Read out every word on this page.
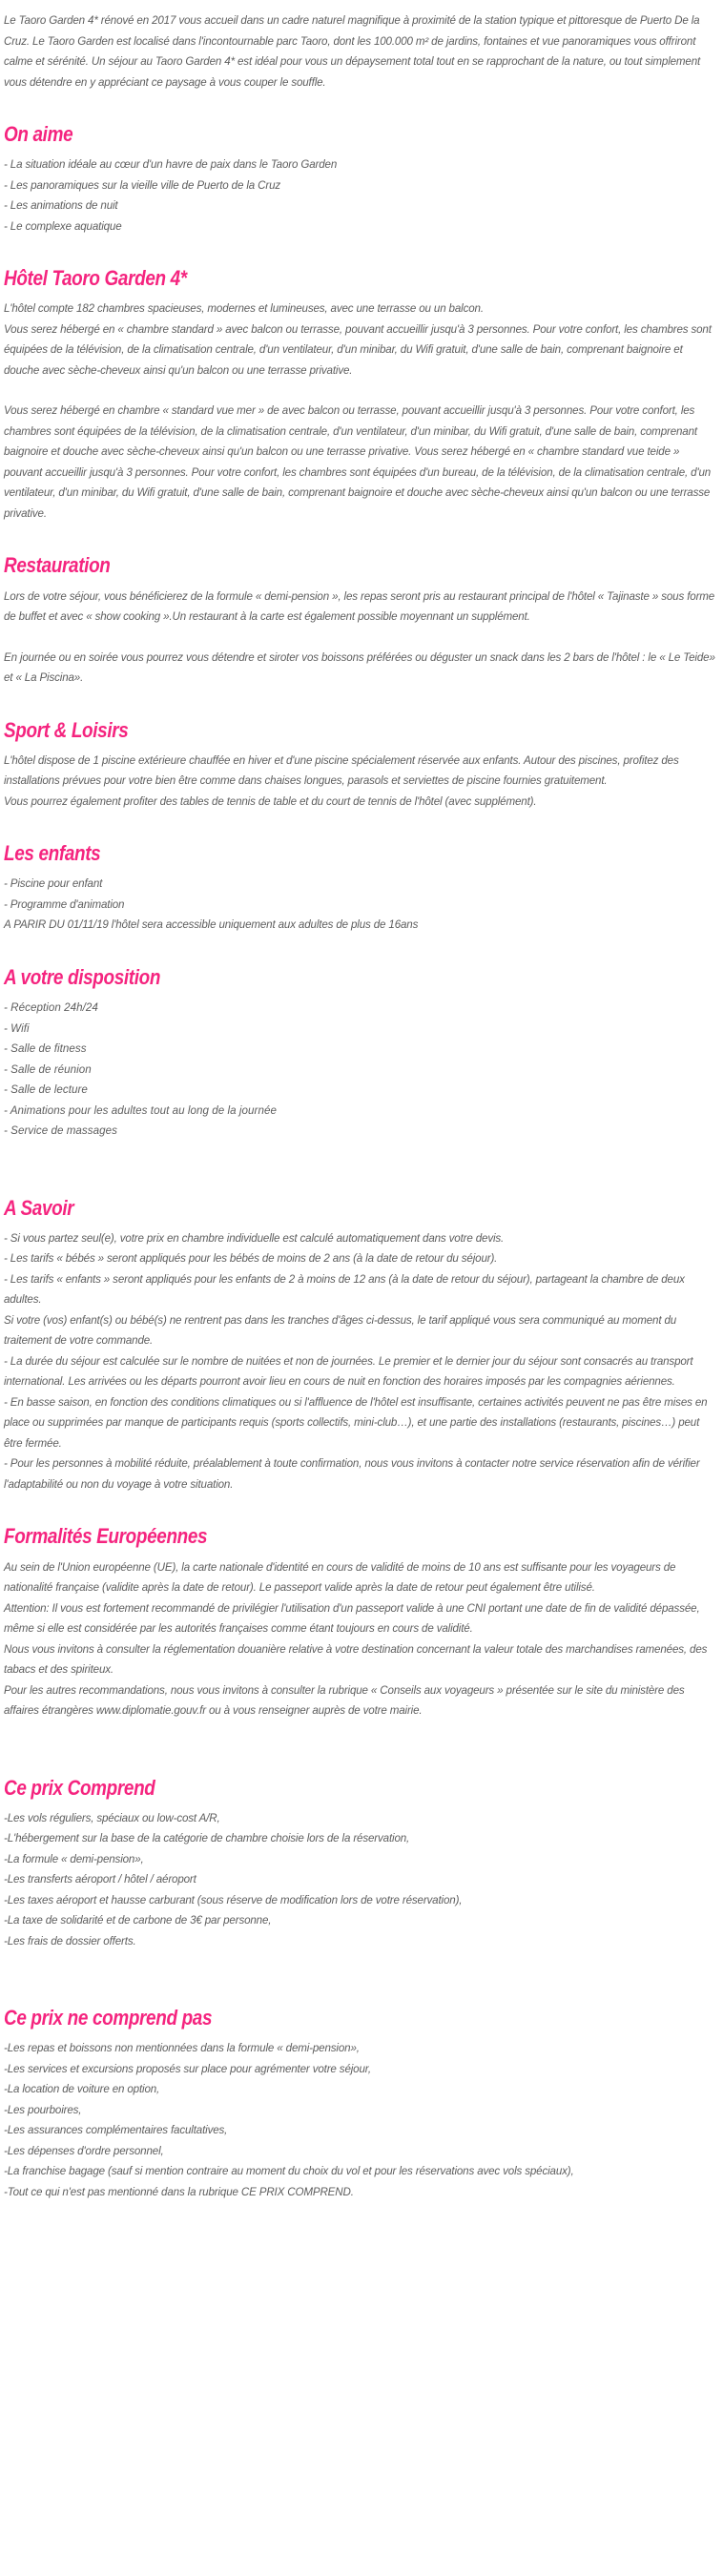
Le Taoro Garden 4* rénové en 2017 vous accueil dans un cadre naturel magnifique à proximité de la station typique et pittoresque de Puerto De la Cruz. Le Taoro Garden est localisé dans l'incontournable parc Taoro, dont les 100.000 m² de jardins, fontaines et vue panoramiques vous offriront calme et sérénité. Un séjour au Taoro Garden 4* est idéal pour vous un dépaysement total tout en se rapprochant de la nature, ou tout simplement vous détendre en y appréciant ce paysage à vous couper le souffle.

On aime
- La situation idéale au cœur d'un havre de paix dans le Taoro Garden
- Les panoramiques sur la vieille ville de Puerto de la Cruz
- Les animations de nuit
- Le complexe aquatique
Hôtel Taoro Garden 4*

L'hôtel compte 182 chambres spacieuses, modernes et lumineuses, avec une terrasse ou un balcon.

Vous serez hébergé en « chambre standard » avec balcon ou terrasse, pouvant accueillir jusqu'à 3 personnes. Pour votre confort, les chambres sont équipées de la télévision, de la climatisation centrale, d'un ventilateur, d'un minibar, du Wifi gratuit, d'une salle de bain, comprenant baignoire et douche avec sèche-cheveux ainsi qu'un balcon ou une terrasse privative.

Vous serez hébergé en chambre « standard vue mer » de avec balcon ou terrasse, pouvant accueillir jusqu'à 3 personnes. Pour votre confort, les chambres sont équipées de la télévision, de la climatisation centrale, d'un ventilateur, d'un minibar, du Wifi gratuit, d'une salle de bain, comprenant baignoire et douche avec sèche-cheveux ainsi qu'un balcon ou une terrasse privative. Vous serez hébergé en « chambre standard vue teide » pouvant accueillir jusqu'à 3 personnes. Pour votre confort, les chambres sont équipées d'un bureau, de la télévision, de la climatisation centrale, d'un ventilateur, d'un minibar, du Wifi gratuit, d'une salle de bain, comprenant baignoire et douche avec sèche-cheveux ainsi qu'un balcon ou une terrasse privative.

Restauration

Lors de votre séjour, vous bénéficierez de la formule « demi-pension », les repas seront pris au restaurant principal de l'hôtel « Tajinaste » sous forme de buffet et avec « show cooking ».Un restaurant à la carte est également possible moyennant un supplément.

En journée ou en soirée vous pourrez vous détendre et siroter vos boissons préférées ou déguster un snack dans les 2 bars de l'hôtel : le « Le Teide» et « La Piscina».

Sport & Loisirs

L'hôtel dispose de 1 piscine extérieure chauffée en hiver et d'une piscine spécialement réservée aux enfants. Autour des piscines, profitez des installations prévues pour votre bien être comme dans chaises longues, parasols et serviettes de piscine fournies gratuitement.

Vous pourrez également profiter des tables de tennis de table et du court de tennis de l'hôtel (avec supplément).

Les enfants
- Piscine pour enfant
- Programme d'animation
A PARIR DU 01/11/19 l'hôtel sera accessible uniquement aux adultes de plus de 16ans
A votre disposition
- Réception 24h/24
- Wifi
- Salle de fitness
- Salle de réunion
- Salle de lecture
- Animations pour les adultes tout au long de la journée
- Service de massages
A Savoir

- Si vous partez seul(e), votre prix en chambre individuelle est calculé automatiquement dans votre devis.

- Les tarifs « bébés » seront appliqués pour les bébés de moins de 2 ans (à la date de retour du séjour).

- Les tarifs « enfants » seront appliqués pour les enfants de 2 à moins de 12 ans (à la date de retour du séjour), partageant la chambre de deux adultes.

Si votre (vos) enfant(s) ou bébé(s) ne rentrent pas dans les tranches d'âges ci-dessus, le tarif appliqué vous sera communiqué au moment du traitement de votre commande.

- La durée du séjour est calculée sur le nombre de nuitées et non de journées. Le premier et le dernier jour du séjour sont consacrés au transport international. Les arrivées ou les départs pourront avoir lieu en cours de nuit en fonction des horaires imposés par les compagnies aériennes.

- En basse saison, en fonction des conditions climatiques ou si l'affluence de l'hôtel est insuffisante, certaines activités peuvent ne pas être mises en place ou supprimées par manque de participants requis (sports collectifs, mini-club…), et une partie des installations (restaurants, piscines…) peut être fermée.

- Pour les personnes à mobilité réduite, préalablement à toute confirmation, nous vous invitons à contacter notre service réservation afin de vérifier l'adaptabilité ou non du voyage à votre situation.

Formalités Européennes

Au sein de l'Union européenne (UE), la carte nationale d'identité en cours de validité de moins de 10 ans est suffisante pour les voyageurs de nationalité française (validite après la date de retour). Le passeport valide après la date de retour peut également être utilisé.

Attention: Il vous est fortement recommandé de privilégier l'utilisation d'un passeport valide à une CNI portant une date de fin de validité dépassée, même si elle est considérée par les autorités françaises comme étant toujours en cours de validité.

Nous vous invitons à consulter la réglementation douanière relative à votre destination concernant la valeur totale des marchandises ramenées, des tabacs et des spiriteux.

Pour les autres recommandations, nous vous invitons à consulter la rubrique « Conseils aux voyageurs » présentée sur le site du ministère des affaires étrangères www.diplomatie.gouv.fr ou à vous renseigner auprès de votre mairie.

Ce prix Comprend
-Les vols réguliers, spéciaux ou low-cost A/R,
-L'hébergement sur la base de la catégorie de chambre choisie lors de la réservation,
-La formule « demi-pension»,
-Les transferts aéroport / hôtel / aéroport
-Les taxes aéroport et hausse carburant (sous réserve de modification lors de votre réservation),
-La taxe de solidarité et de carbone de 3€ par personne,
-Les frais de dossier offerts.
Ce prix ne comprend pas
-Les repas et boissons non mentionnées dans la formule « demi-pension»,
-Les services et excursions proposés sur place pour agrémenter votre séjour,
-La location de voiture en option,
-Les pourboires,
-Les assurances complémentaires facultatives,
-Les dépenses d'ordre personnel,
-La franchise bagage (sauf si mention contraire au moment du choix du vol et pour les réservations avec vols spéciaux),
-Tout ce qui n'est pas mentionné dans la rubrique CE PRIX COMPREND.
